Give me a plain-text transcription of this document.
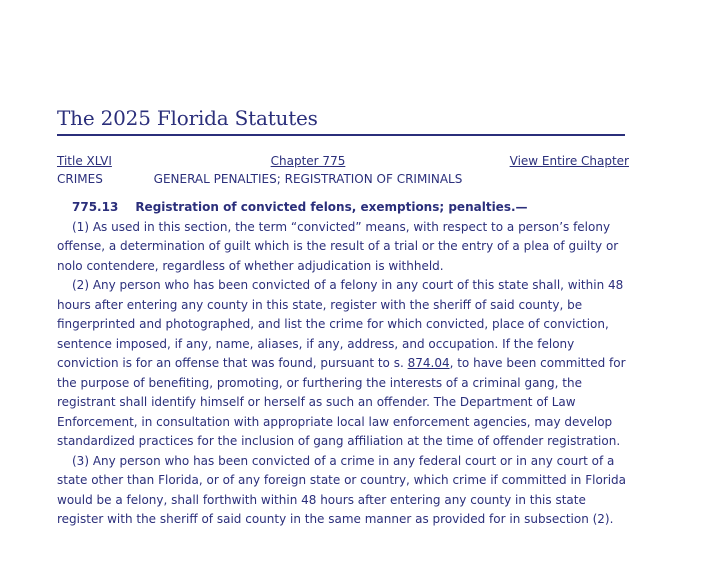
The 2025 Florida Statutes
Title XLVI
CRIMES
Chapter 775
GENERAL PENALTIES; REGISTRATION OF CRIMINALS
View Entire Chapter

775.13 Registration of convicted felons, exemptions; penalties.—

(1) As used in this section, the term “convicted” means, with respect to a person’s felony offense, a determination of guilt which is the result of a trial or the entry of a plea of guilty or nolo contendere, regardless of whether adjudication is withheld.

(2) Any person who has been convicted of a felony in any court of this state shall, within 48 hours after entering any county in this state, register with the sheriff of said county, be fingerprinted and photographed, and list the crime for which convicted, place of conviction, sentence imposed, if any, name, aliases, if any, address, and occupation. If the felony conviction is for an offense that was found, pursuant to s. 874.04, to have been committed for the purpose of benefiting, promoting, or furthering the interests of a criminal gang, the registrant shall identify himself or herself as such an offender. The Department of Law Enforcement, in consultation with appropriate local law enforcement agencies, may develop standardized practices for the inclusion of gang affiliation at the time of offender registration.

(3) Any person who has been convicted of a crime in any federal court or in any court of a state other than Florida, or of any foreign state or country, which crime if committed in Florida would be a felony, shall forthwith within 48 hours after entering any county in this state register with the sheriff of said county in the same manner as provided for in subsection (2).
